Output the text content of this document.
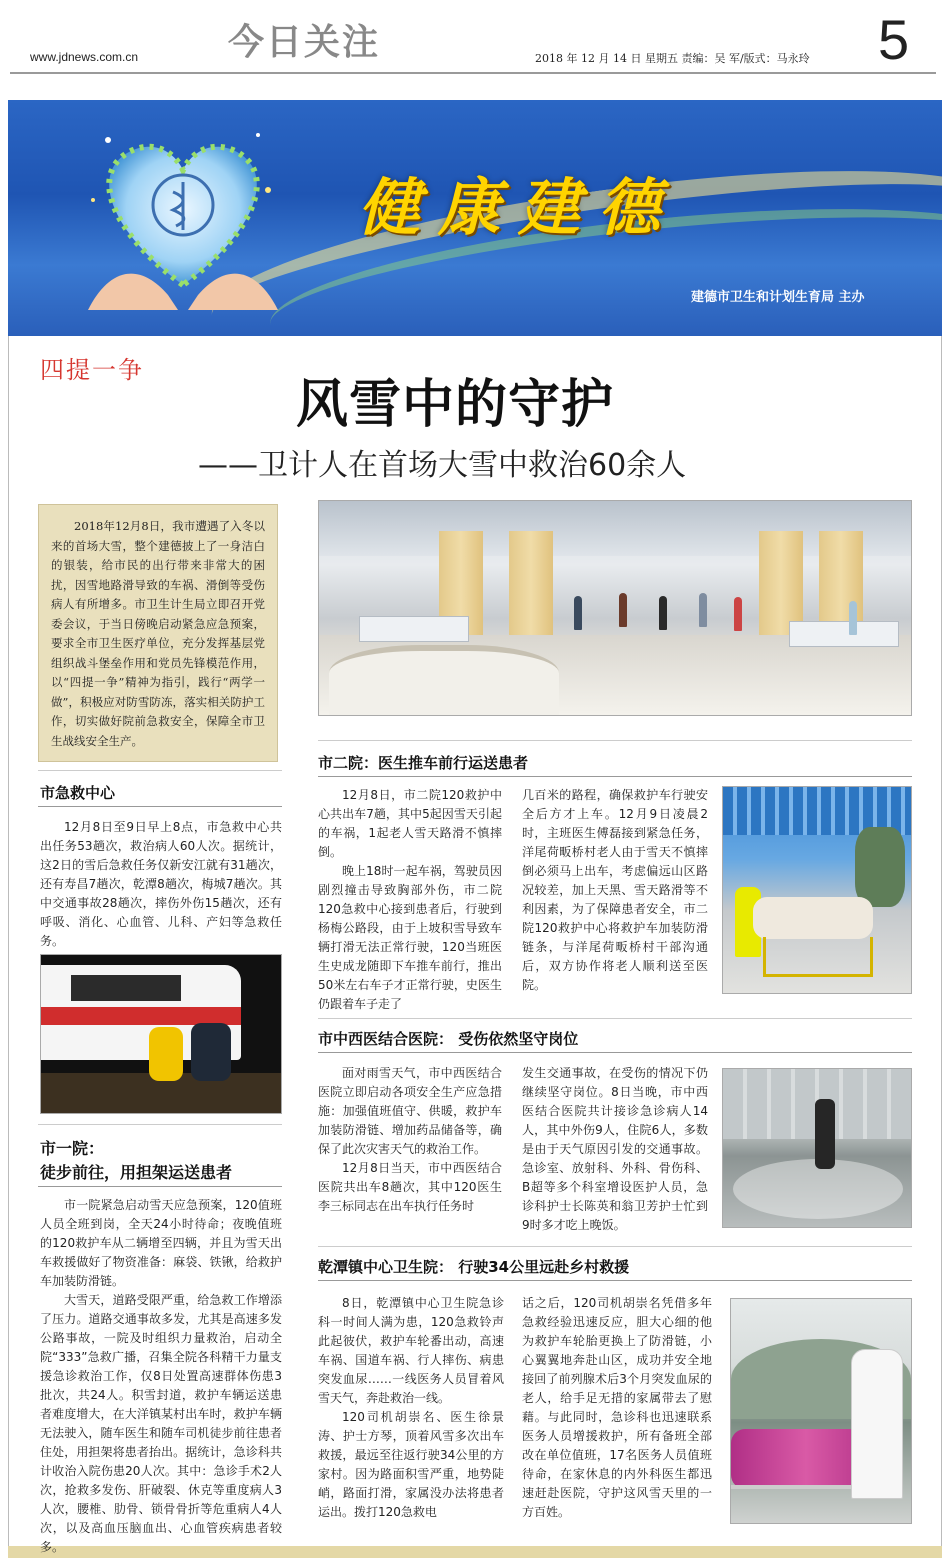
www.jdnews.com.cn 今日关注	2018 年 12 月 14 日 星期五 责编：吴 军/版式：马永玲 5
健康建德
建德市卫生和计划生育局 主办
四提一争
风雪中的守护
——卫计人在首场大雪中救治60余人
2018年12月8日，我市遭遇了入冬以来的首场大雪，整个建德披上了一身洁白的银装，给市民的出行带来非常大的困扰，因雪地路滑导致的车祸、滑倒等受伤病人有所增多。市卫生计生局立即召开党委会议，于当日傍晚启动紧急应急预案，要求全市卫生医疗单位，充分发挥基层党组织战斗堡垒作用和党员先锋模范作用，以“四提一争”精神为指引，践行“两学一做”，积极应对防雪防冻，落实相关防护工作，切实做好院前急救安全，保障全市卫生战线安全生产。
市二院：医生推车前行运送患者

12月8日，市二院120救护中心共出车7趟，其中5起因雪天引起的车祸，1起老人雪天路滑不慎摔倒。

晚上18时一起车祸，驾驶员因剧烈撞击导致胸部外伤，市二院120急救中心接到患者后，行驶到杨梅公路段，由于上坡积雪导致车辆打滑无法正常行驶，120当班医生史成龙随即下车推车前行，推出50米左右车子才正常行驶，史医生仍跟着车子走了

几百米的路程，确保救护车行驶安全后方才上车。12月9日凌晨2时，主班医生傅磊接到紧急任务，洋尾荷畈桥村老人由于雪天不慎摔倒必须马上出车，考虑偏远山区路况较差，加上天黑、雪天路滑等不利因素，为了保障患者安全，市二院120救护中心将救护车加装防滑链条，与洋尾荷畈桥村干部沟通后，双方协作将老人顺利送至医院。

市急救中心

12月8日至9日早上8点，市急救中心共出任务53趟次，救治病人60人次。据统计，这2日的雪后急救任务仅新安江就有31趟次，还有寿昌7趟次，乾潭8趟次，梅城7趟次。其中交通事故28趟次，摔伤外伤15趟次，还有呼吸、消化、心血管、儿科、产妇等急救任务。

市一院：
徒步前往，用担架运送患者

市一院紧急启动雪天应急预案，120值班人员全班到岗，全天24小时待命；夜晚值班的120救护车从二辆增至四辆，并且为雪天出车救援做好了物资准备：麻袋、铁锹，给救护车加装防滑链。

大雪天，道路受限严重，给急救工作增添了压力。道路交通事故多发，尤其是高速多发公路事故，一院及时组织力量救治，启动全院“333”急救广播，召集全院各科精干力量支援急诊救治工作，仅8日处置高速群体伤患3批次，共24人。积雪封道，救护车辆运送患者难度增大，在大洋镇某村出车时，救护车辆无法驶入，随车医生和随车司机徒步前往患者住处，用担架将患者抬出。据统计，急诊科共计收治入院伤患20人次。其中：急诊手术2人次，抢救多发伤、肝破裂、休克等重度病人3人次，腰椎、肋骨、锁骨骨折等危重病人4人次，以及高血压脑血出、心血管疾病患者较多。

市中西医结合医院： 受伤依然坚守岗位

面对雨雪天气，市中西医结合医院立即启动各项安全生产应急措施：加强值班值守、供暖，救护车加装防滑链、增加药品储备等，确保了此次灾害天气的救治工作。

12月8日当天，市中西医结合医院共出车8趟次，其中120医生李三标同志在出车执行任务时

发生交通事故，在受伤的情况下仍继续坚守岗位。8日当晚，市中西医结合医院共计接诊急诊病人14人，其中外伤9人，住院6人，多数是由于天气原因引发的交通事故。急诊室、放射科、外科、骨伤科、B超等多个科室增设医护人员，急诊科护士长陈英和翁卫芳护士忙到9时多才吃上晚饭。

乾潭镇中心卫生院： 行驶34公里远赴乡村救援

8日，乾潭镇中心卫生院急诊科一时间人满为患，120急救铃声此起彼伏，救护车轮番出动，高速车祸、国道车祸、行人摔伤、病患突发血尿……一线医务人员冒着风雪天气，奔赴救治一线。

120司机胡崇名、医生徐景涛、护士方琴，顶着风雪多次出车救援，最远至往返行驶34公里的方家村。因为路面积雪严重，地势陡峭，路面打滑，家属没办法将患者运出。拨打120急救电

话之后，120司机胡崇名凭借多年急救经验迅速反应，胆大心细的他为救护车轮胎更换上了防滑链，小心翼翼地奔赴山区，成功并安全地接回了前列腺术后3个月突发血尿的老人，给手足无措的家属带去了慰藉。与此同时，急诊科也迅速联系医务人员增援救护，所有备班全部改在单位值班，17名医务人员值班待命，在家休息的内外科医生都迅速赶赴医院，守护这风雪天里的一方百姓。
